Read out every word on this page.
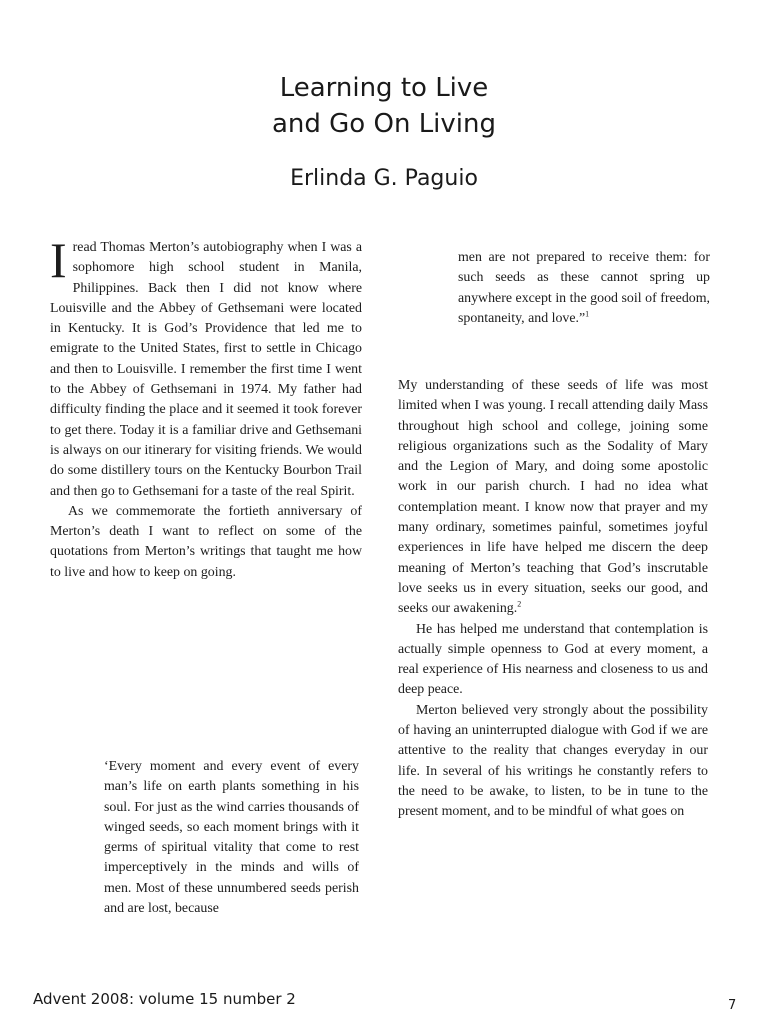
Learning to Live
and Go On Living
Erlinda G. Paguio

Iread Thomas Merton’s autobiography when I was a sophomore high school student in Manila, Philippines. Back then I did not know where Louisville and the Abbey of Gethsemani were located in Kentucky. It is God’s Providence that led me to emigrate to the United States, first to settle in Chicago and then to Louisville. I remember the first time I went to the Abbey of Gethsemani in 1974. My father had difficulty finding the place and it seemed it took forever to get there. Today it is a familiar drive and Gethsemani is always on our itinerary for visiting friends. We would do some distillery tours on the Kentucky Bourbon Trail and then go to Gethsemani for a taste of the real Spirit.

As we commemorate the fortieth anniversary of Merton’s death I want to reflect on some of the quotations from Merton’s writings that taught me how to live and how to keep on going.

‘Every moment and every event of every man’s life on earth plants something in his soul. For just as the wind carries thousands of winged seeds, so each moment brings with it germs of spiritual vitality that come to rest imperceptively in the minds and wills of men. Most of these unnumbered seeds perish and are lost, because
men are not prepared to receive them: for such seeds as these cannot spring up anywhere except in the good soil of freedom, spontaneity, and love.”$^1$

My understanding of these seeds of life was most limited when I was young. I recall attending daily Mass throughout high school and college, joining some religious organizations such as the Sodality of Mary and the Legion of Mary, and doing some apostolic work in our parish church. I had no idea what contemplation meant. I know now that prayer and my many ordinary, sometimes painful, sometimes joyful experiences in life have helped me discern the deep meaning of Merton’s teaching that God’s inscrutable love seeks us in every situation, seeks our good, and seeks our awakening.$^2$

He has helped me understand that contemplation is actually simple openness to God at every moment, a real experience of His nearness and closeness to us and deep peace.

Merton believed very strongly about the possibility of having an uninterrupted dialogue with God if we are attentive to the reality that changes everyday in our life. In several of his writings he constantly refers to the need to be awake, to listen, to be in tune to the present moment, and to be mindful of what goes on

Advent 2008: volume 15 number 2	7
